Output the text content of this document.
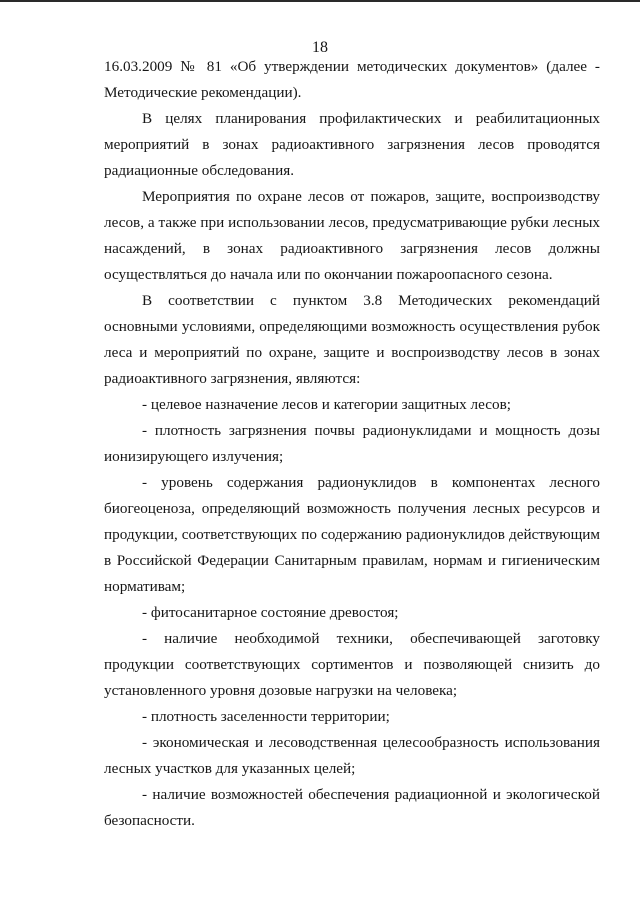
18

16.03.2009 № 81 «Об утверждении методических документов» (далее - Методические рекомендации).

В целях планирования профилактических и реабилитационных мероприятий в зонах радиоактивного загрязнения лесов проводятся радиационные обследования.

Мероприятия по охране лесов от пожаров, защите, воспроизводству лесов, а также при использовании лесов, предусматривающие рубки лесных насаждений, в зонах радиоактивного загрязнения лесов должны осуществляться до начала или по окончании пожароопасного сезона.

В соответствии с пунктом 3.8 Методических рекомендаций основными условиями, определяющими возможность осуществления рубок леса и мероприятий по охране, защите и воспроизводству лесов в зонах радиоактивного загрязнения, являются:

- целевое назначение лесов и категории защитных лесов;

- плотность загрязнения почвы радионуклидами и мощность дозы ионизирующего излучения;

- уровень содержания радионуклидов в компонентах лесного биогеоценоза, определяющий возможность получения лесных ресурсов и продукции, соответствующих по содержанию радионуклидов действующим в Российской Федерации Санитарным правилам, нормам и гигиеническим нормативам;

- фитосанитарное состояние древостоя;

- наличие необходимой техники, обеспечивающей заготовку продукции соответствующих сортиментов и позволяющей снизить до установленного уровня дозовые нагрузки на человека;

- плотность заселенности территории;

- экономическая и лесоводственная целесообразность использования лесных участков для указанных целей;

- наличие возможностей обеспечения радиационной и экологической безопасности.
